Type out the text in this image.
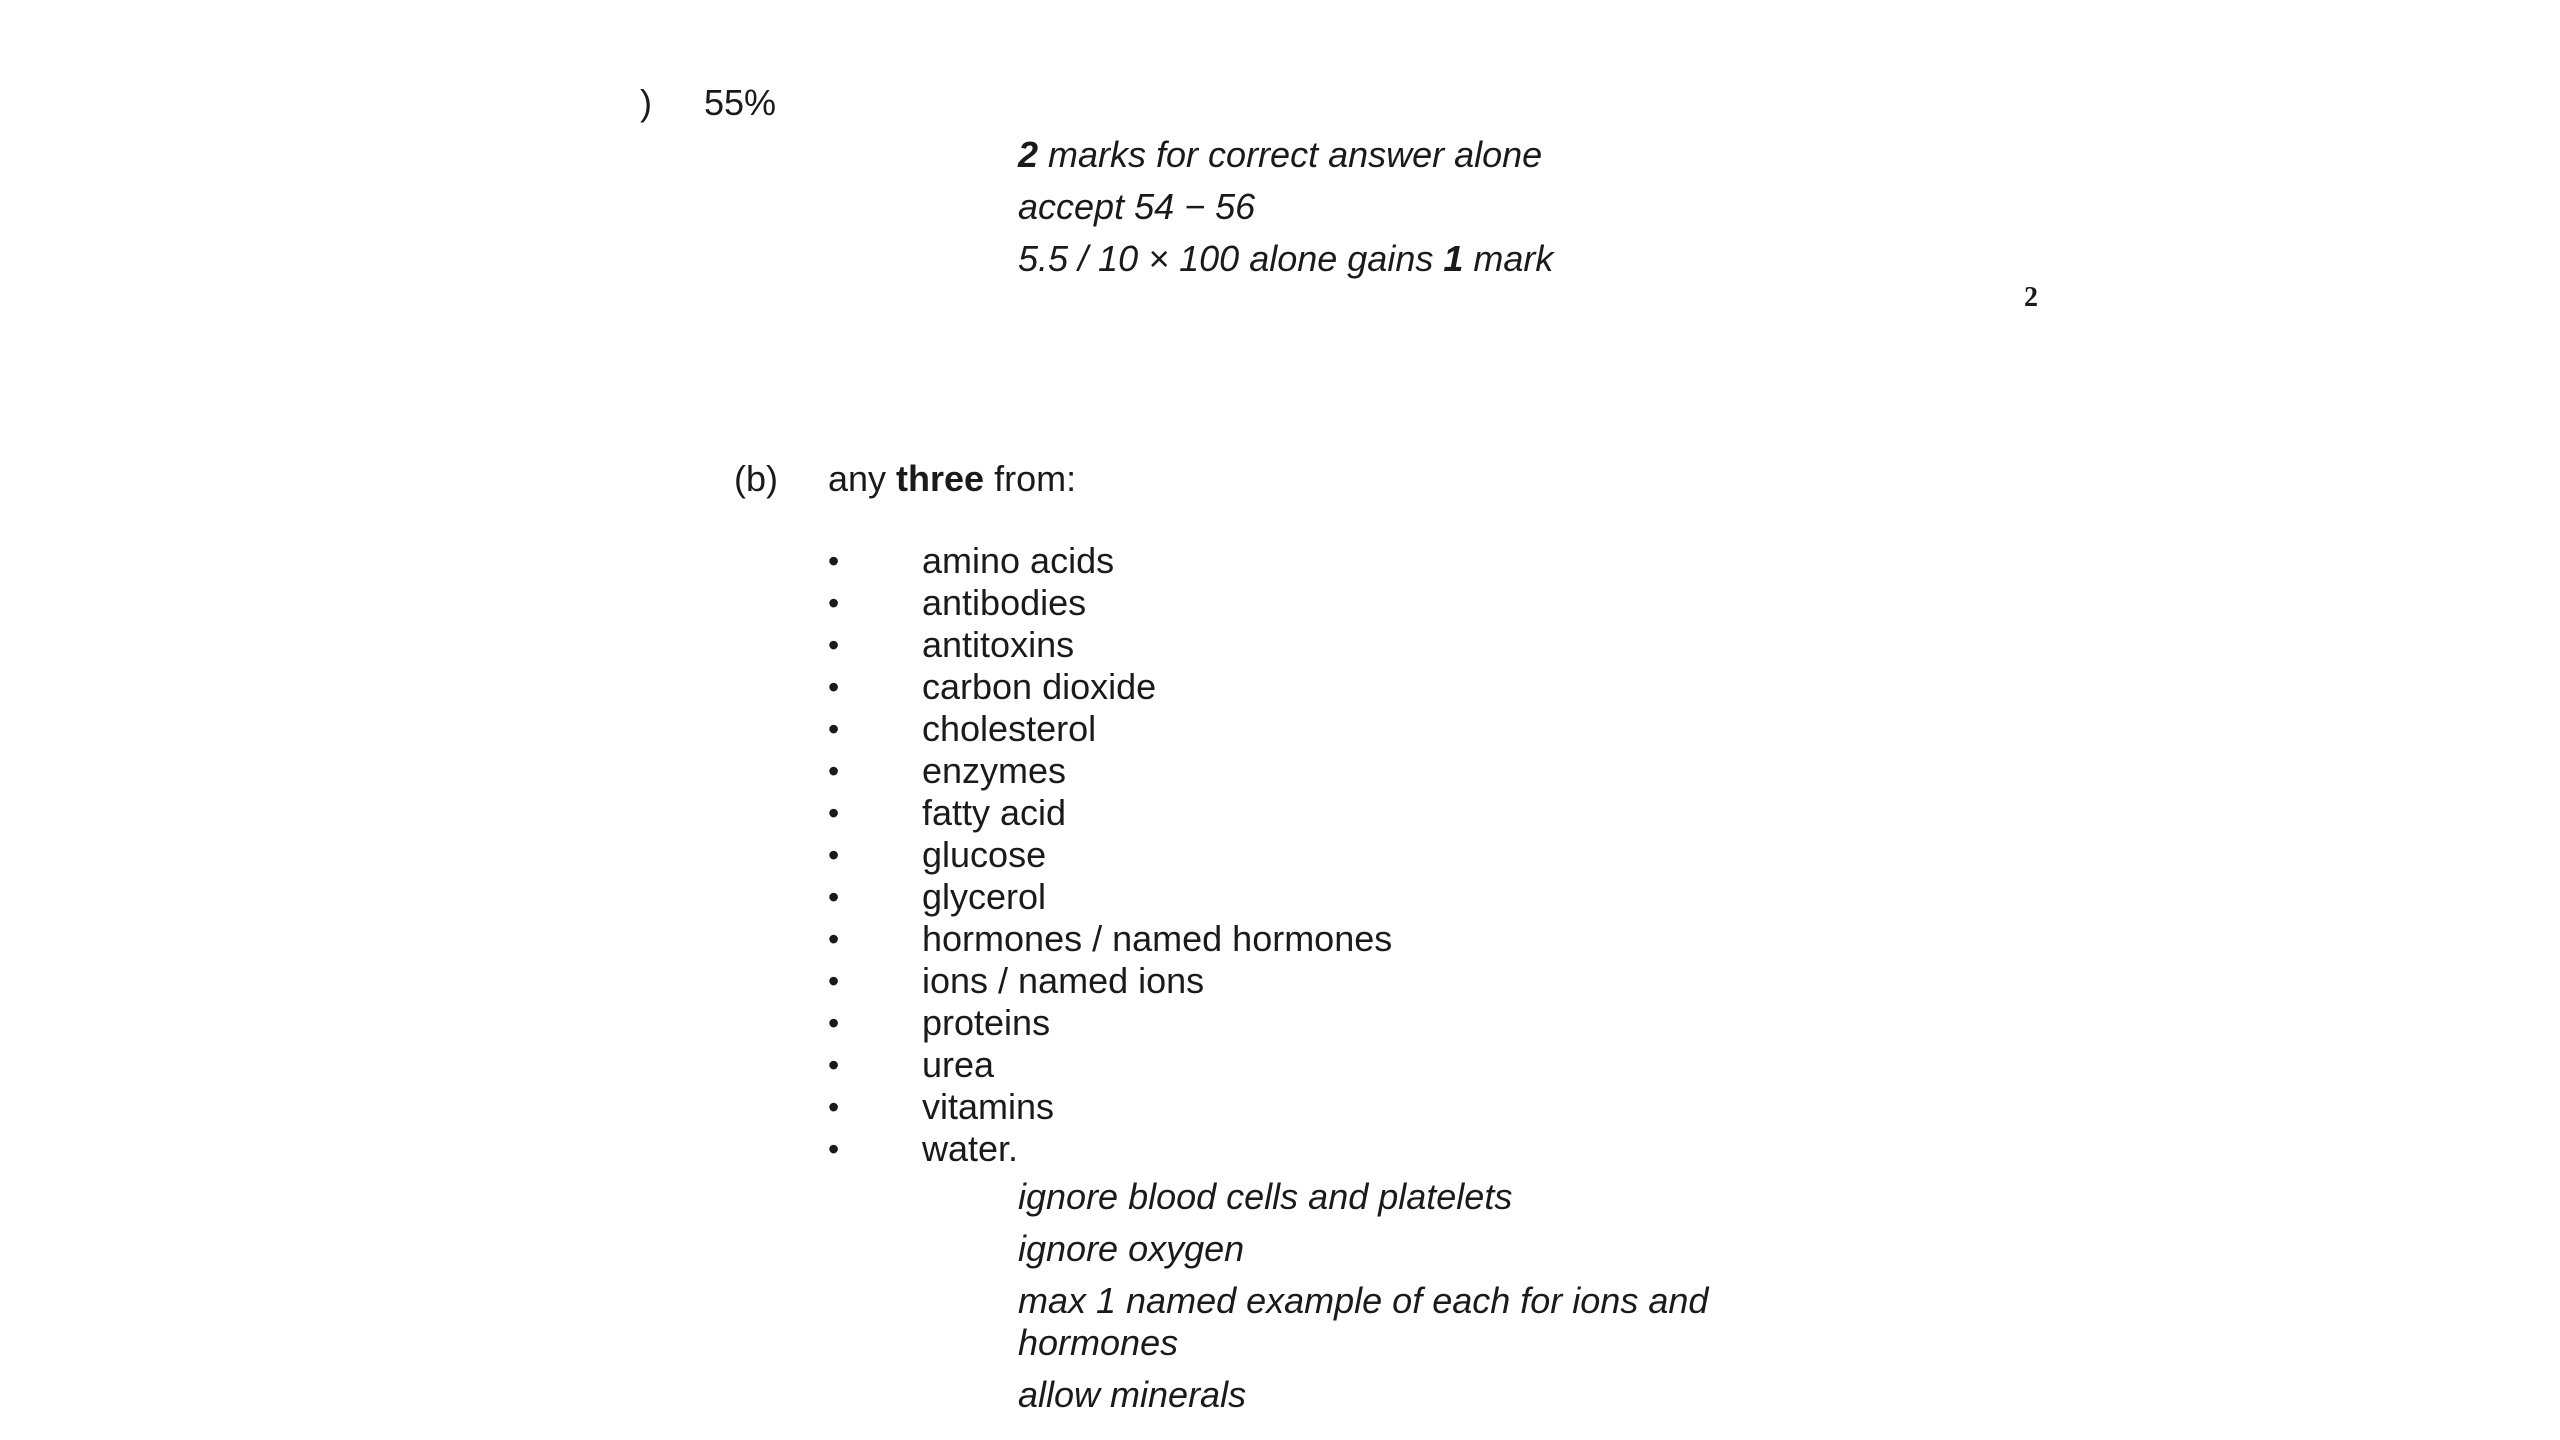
) 55%
2 marks for correct answer alone
accept 54 − 56
5.5 / 10 × 100 alone gains 1 mark
2
(b) any three from:
• amino acids
• antibodies
• antitoxins
• carbon dioxide
• cholesterol
• enzymes
• fatty acid
• glucose
• glycerol
• hormones / named hormones
• ions / named ions
• proteins
• urea
• vitamins
• water.
ignore blood cells and platelets
ignore oxygen
max 1 named example of each for ions and
hormones
allow minerals
